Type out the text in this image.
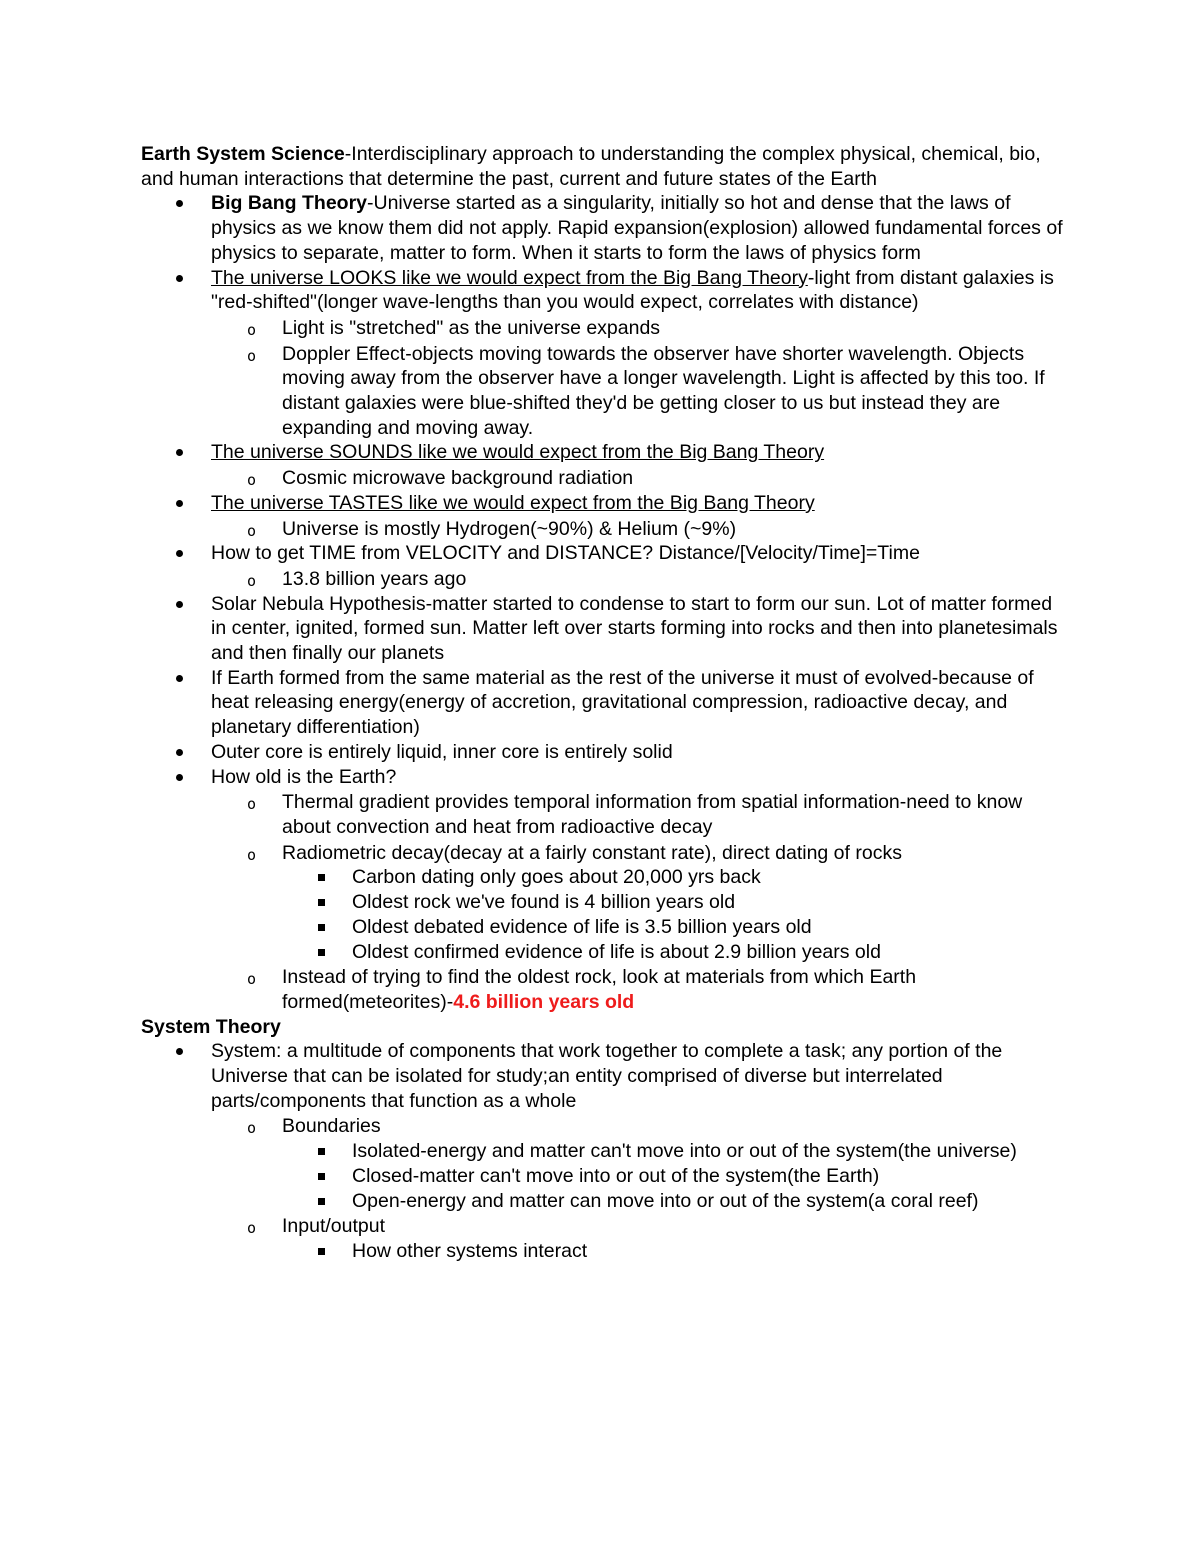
Earth System Science-Interdisciplinary approach to understanding the complex physical, chemical, bio, and human interactions that determine the past, current and future states of the Earth

Big Bang Theory-Universe started as a singularity, initially so hot and dense that the laws of physics as we know them did not apply. Rapid expansion(explosion) allowed fundamental forces of physics to separate, matter to form. When it starts to form the laws of physics form
The universe LOOKS like we would expect from the Big Bang Theory-light from distant galaxies is "red-shifted"(longer wave-lengths than you would expect, correlates with distance)
o Light is "stretched" as the universe expands
o Doppler Effect-objects moving towards the observer have shorter wavelength. Objects moving away from the observer have a longer wavelength. Light is affected by this too. If distant galaxies were blue-shifted they'd be getting closer to us but instead they are expanding and moving away.
The universe SOUNDS like we would expect from the Big Bang Theory
o Cosmic microwave background radiation
The universe TASTES like we would expect from the Big Bang Theory
o Universe is mostly Hydrogen(~90%) & Helium (~9%)
How to get TIME from VELOCITY and DISTANCE? Distance/[Velocity/Time]=Time
o 13.8 billion years ago
Solar Nebula Hypothesis-matter started to condense to start to form our sun. Lot of matter formed in center, ignited, formed sun. Matter left over starts forming into rocks and then into planetesimals and then finally our planets
If Earth formed from the same material as the rest of the universe it must of evolved-because of heat releasing energy(energy of accretion, gravitational compression, radioactive decay, and planetary differentiation)
Outer core is entirely liquid, inner core is entirely solid
How old is the Earth?
o Thermal gradient provides temporal information from spatial information-need to know about convection and heat from radioactive decay
o Radiometric decay(decay at a fairly constant rate), direct dating of rocks
Carbon dating only goes about 20,000 yrs back
Oldest rock we've found is 4 billion years old
Oldest debated evidence of life is 3.5 billion years old
Oldest confirmed evidence of life is about 2.9 billion years old
o Instead of trying to find the oldest rock, look at materials from which Earth formed(meteorites)-4.6 billion years old

System Theory

System: a multitude of components that work together to complete a task; any portion of the Universe that can be isolated for study;an entity comprised of diverse but interrelated parts/components that function as a whole
o Boundaries
Isolated-energy and matter can't move into or out of the system(the universe)
Closed-matter can't move into or out of the system(the Earth)
Open-energy and matter can move into or out of the system(a coral reef)
o Input/output
How other systems interact
